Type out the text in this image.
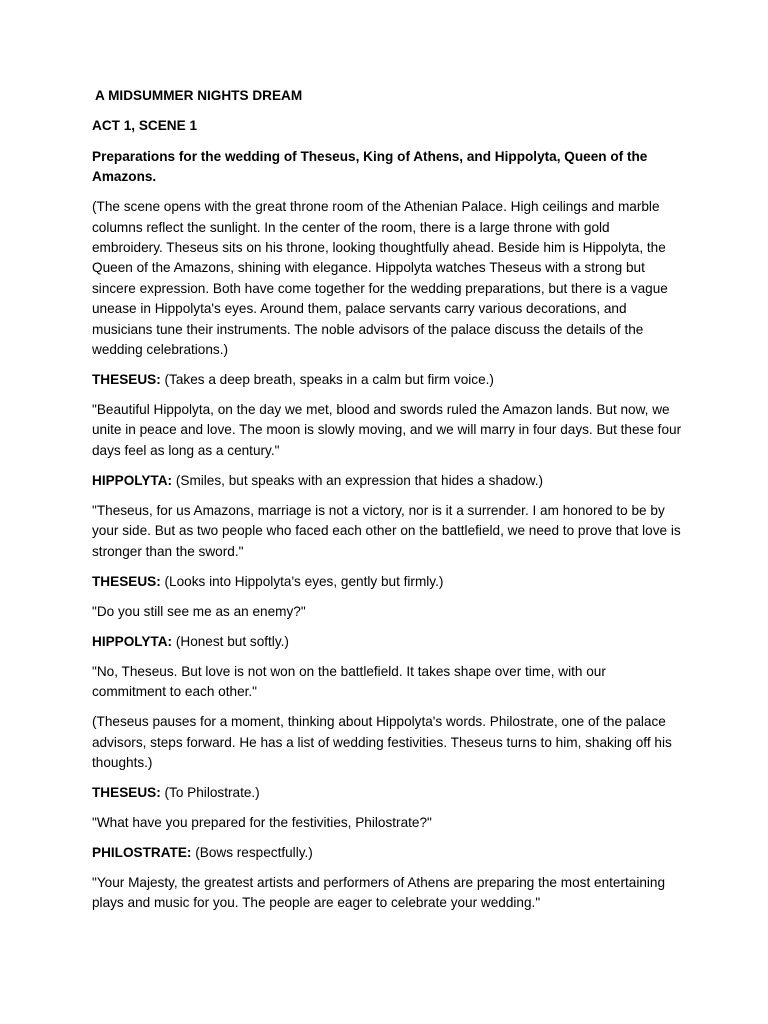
A MIDSUMMER NIGHTS DREAM
ACT 1, SCENE 1
Preparations for the wedding of Theseus, King of Athens, and Hippolyta, Queen of the Amazons.
(The scene opens with the great throne room of the Athenian Palace. High ceilings and marble columns reflect the sunlight. In the center of the room, there is a large throne with gold embroidery. Theseus sits on his throne, looking thoughtfully ahead. Beside him is Hippolyta, the Queen of the Amazons, shining with elegance. Hippolyta watches Theseus with a strong but sincere expression. Both have come together for the wedding preparations, but there is a vague unease in Hippolyta's eyes. Around them, palace servants carry various decorations, and musicians tune their instruments. The noble advisors of the palace discuss the details of the wedding celebrations.)
THESEUS: (Takes a deep breath, speaks in a calm but firm voice.)
"Beautiful Hippolyta, on the day we met, blood and swords ruled the Amazon lands. But now, we unite in peace and love. The moon is slowly moving, and we will marry in four days. But these four days feel as long as a century."
HIPPOLYTA: (Smiles, but speaks with an expression that hides a shadow.)
"Theseus, for us Amazons, marriage is not a victory, nor is it a surrender. I am honored to be by your side. But as two people who faced each other on the battlefield, we need to prove that love is stronger than the sword."
THESEUS: (Looks into Hippolyta's eyes, gently but firmly.)
"Do you still see me as an enemy?"
HIPPOLYTA: (Honest but softly.)
"No, Theseus. But love is not won on the battlefield. It takes shape over time, with our commitment to each other."
(Theseus pauses for a moment, thinking about Hippolyta's words. Philostrate, one of the palace advisors, steps forward. He has a list of wedding festivities. Theseus turns to him, shaking off his thoughts.)
THESEUS: (To Philostrate.)
"What have you prepared for the festivities, Philostrate?"
PHILOSTRATE: (Bows respectfully.)
"Your Majesty, the greatest artists and performers of Athens are preparing the most entertaining plays and music for you. The people are eager to celebrate your wedding."
